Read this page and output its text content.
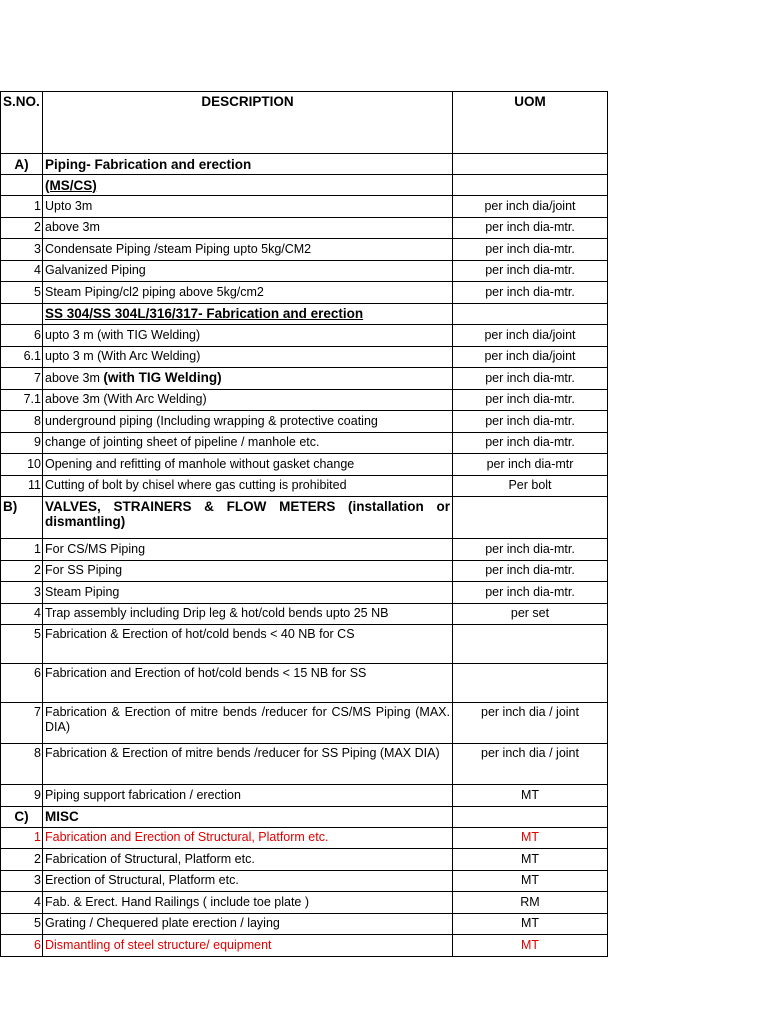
S.NO.	DESCRIPTION	UOM
A)	Piping- Fabrication and erection	
	(MS/CS)	
1	Upto 3m	per inch dia/joint
2	above 3m	per inch dia-mtr.
3	Condensate Piping /steam Piping upto 5kg/CM2	per inch dia-mtr.
4	Galvanized Piping	per inch dia-mtr.
5	Steam Piping/cl2 piping above 5kg/cm2	per inch dia-mtr.
	SS 304/SS 304L/316/317- Fabrication and erection	
6	upto 3 m (with TIG Welding)	per inch dia/joint
6.1	upto 3 m (With Arc Welding)	per inch dia/joint
7	above 3m (with TIG Welding)	per inch dia-mtr.
7.1	above 3m (With Arc Welding)	per inch dia-mtr.
8	underground piping (Including wrapping & protective coating	per inch dia-mtr.
9	change of jointing sheet of pipeline / manhole etc.	per inch dia-mtr.
10	Opening and refitting of manhole without gasket change	per inch dia-mtr
11	Cutting of bolt by chisel where gas cutting is prohibited	Per bolt
B)	VALVES, STRAINERS & FLOW METERS (installation or dismantling)	
1	For CS/MS Piping	per inch dia-mtr.
2	For SS Piping	per inch dia-mtr.
3	Steam Piping	per inch dia-mtr.
4	Trap assembly including Drip leg & hot/cold bends upto 25 NB	per set
5	Fabrication & Erection of hot/cold bends < 40 NB for CS	
6	Fabrication and Erection of hot/cold bends < 15 NB for SS	
7	Fabrication & Erection of mitre bends /reducer for CS/MS Piping (MAX. DIA)	per inch dia / joint
8	Fabrication & Erection of mitre bends /reducer for SS Piping (MAX DIA)	per inch dia / joint
9	Piping support fabrication / erection	MT
C)	MISC	
1	Fabrication and Erection of Structural, Platform etc.	MT
2	Fabrication of Structural, Platform etc.	MT
3	Erection of Structural, Platform etc.	MT
4	Fab. & Erect. Hand Railings ( include toe plate )	RM
5	Grating / Chequered plate erection / laying	MT
6	Dismantling of steel structure/ equipment	MT
